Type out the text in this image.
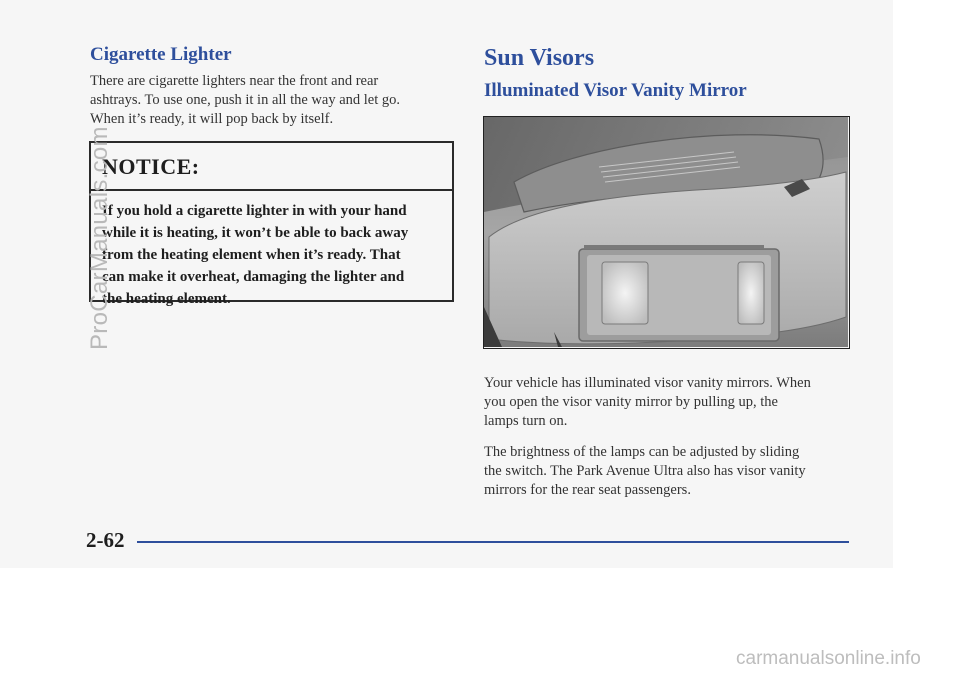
Cigarette Lighter

There are cigarette lighters near the front and rear
ashtrays. To use one, push it in all the way and let go.
When it’s ready, it will pop back by itself.

NOTICE:
If you hold a cigarette lighter in with your hand
while it is heating, it won’t be able to back away
from the heating element when it’s ready. That
can make it overheat, damaging the lighter and
the heating element.
Sun Visors
Illuminated Visor Vanity Mirror

Your vehicle has illuminated visor vanity mirrors. When
you open the visor vanity mirror by pulling up, the
lamps turn on.

The brightness of the lamps can be adjusted by sliding
the switch. The Park Avenue Ultra also has visor vanity
mirrors for the rear seat passengers.

2-62
ProCarManuals.com
carmanualsonline.info
